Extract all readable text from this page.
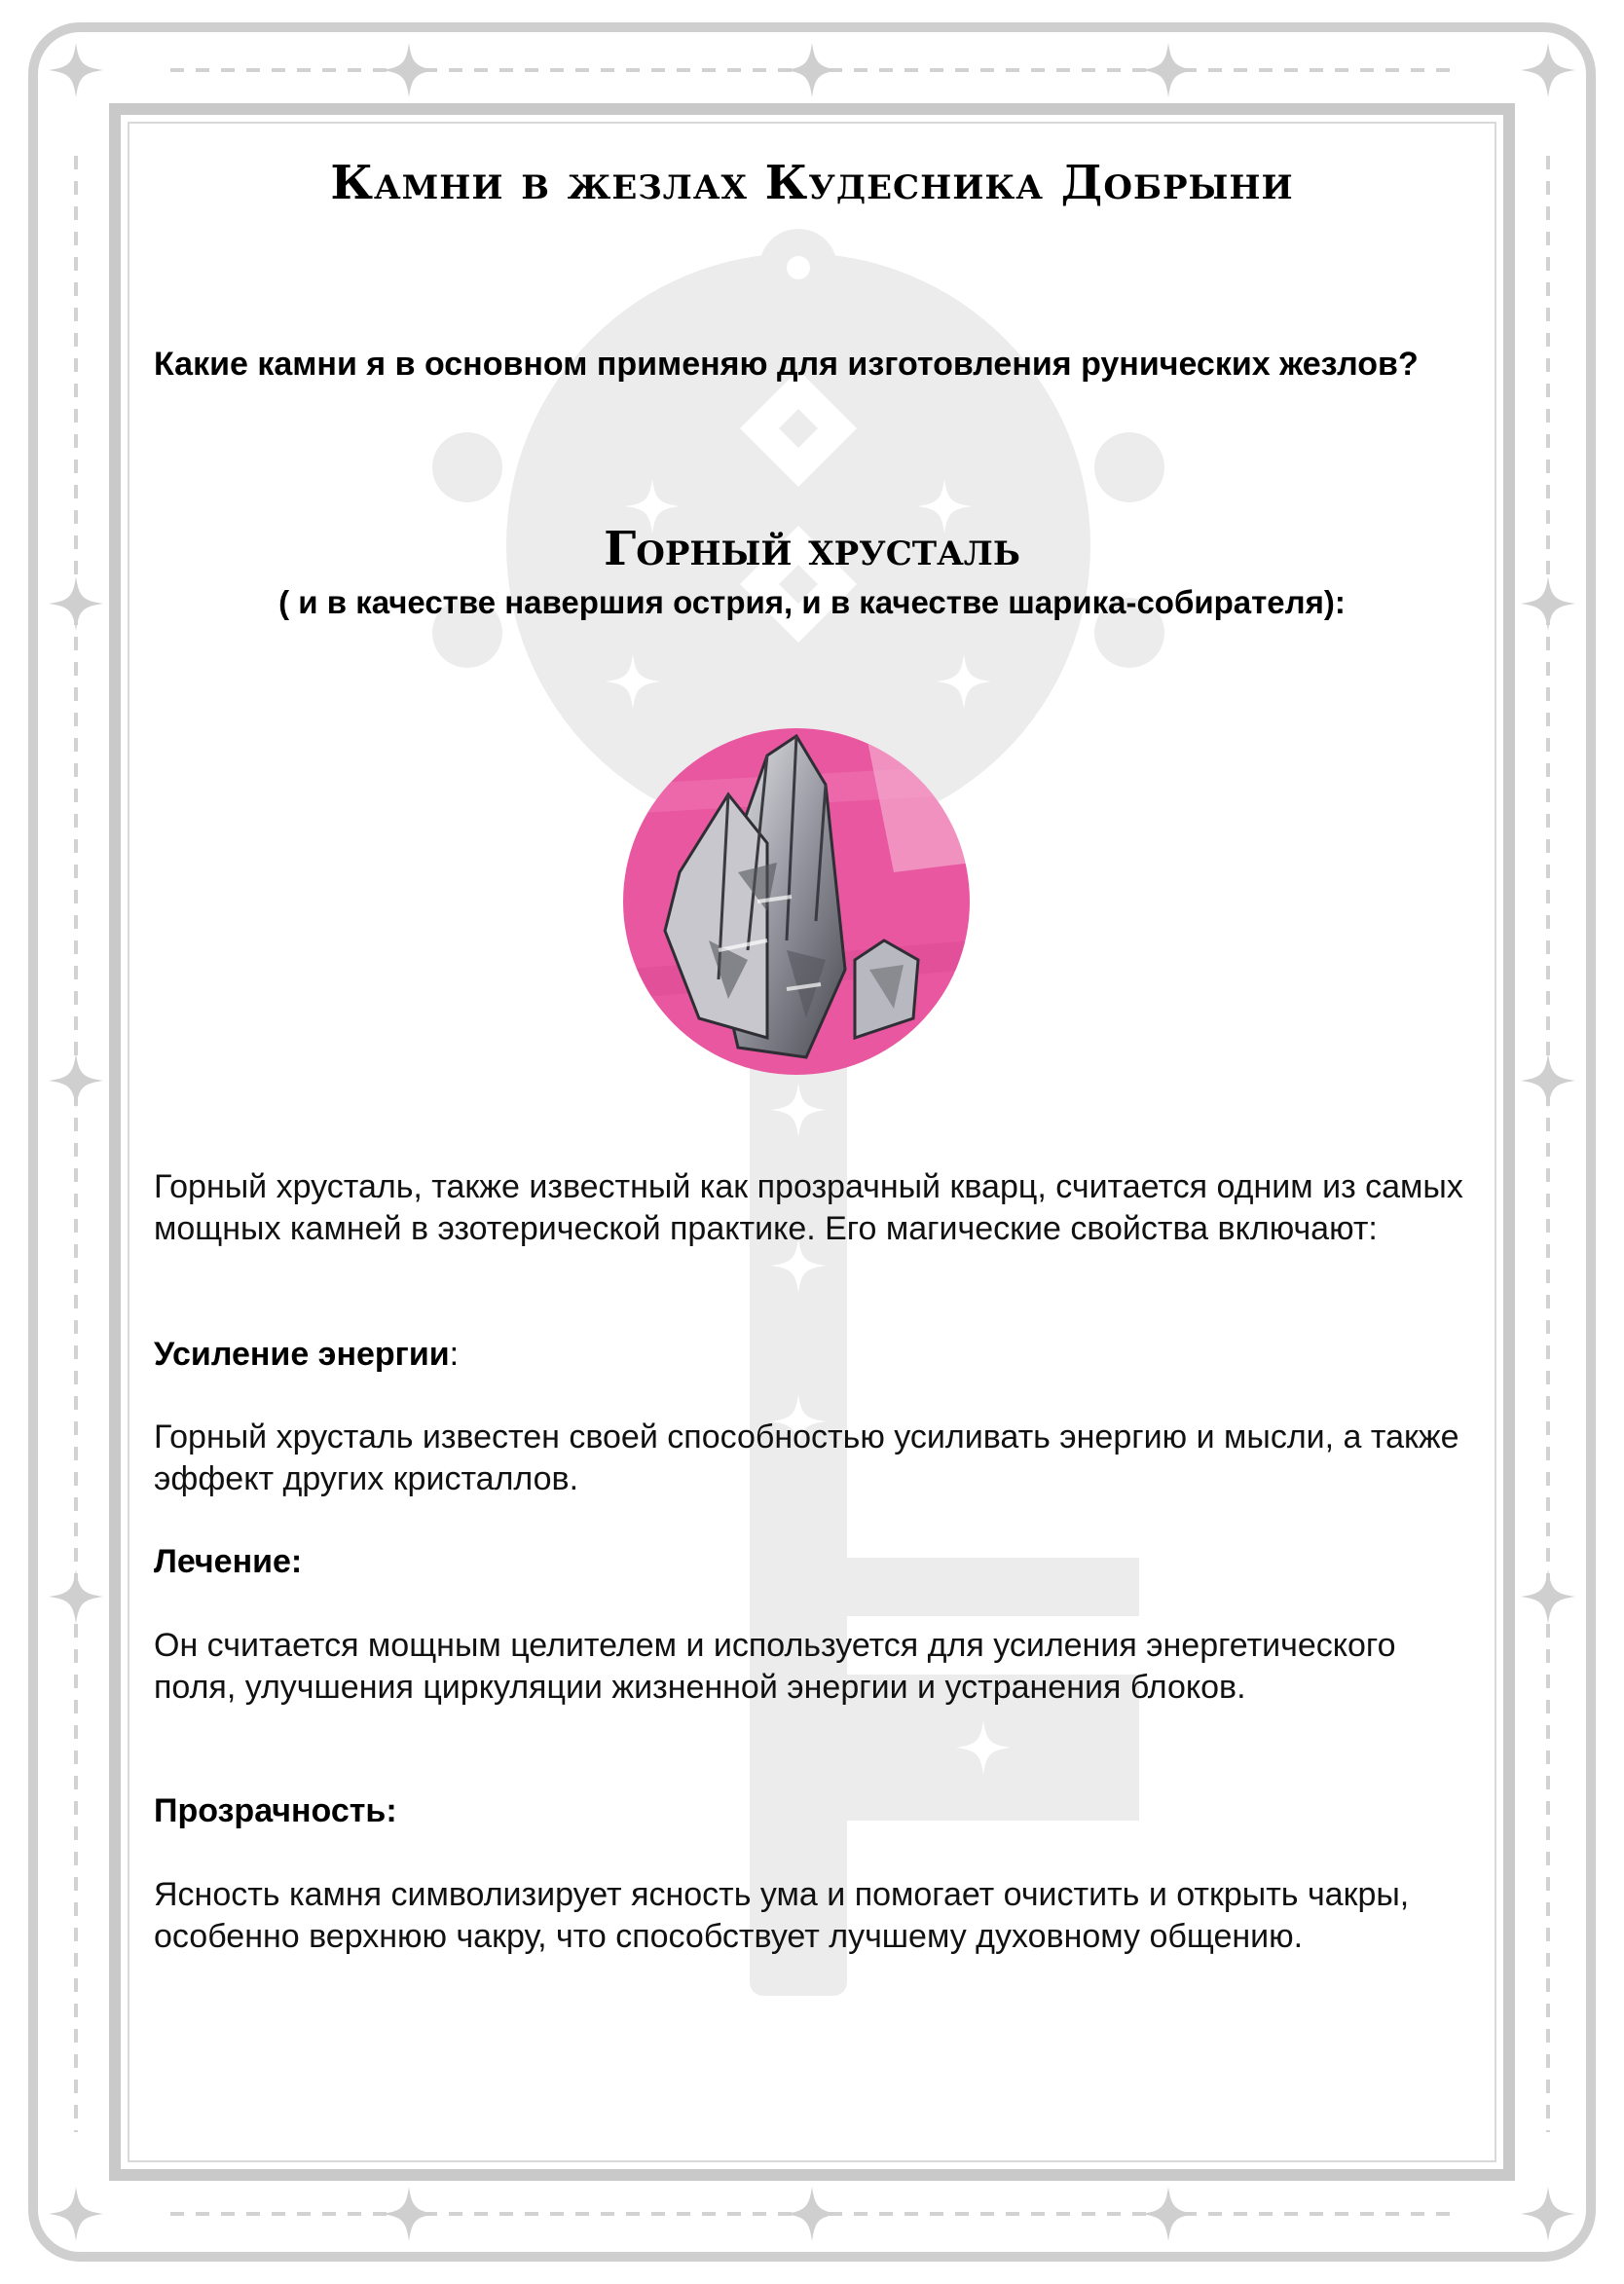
Камни в жезлах Кудесника Добрыни

Какие камни я в основном применяю для изготовления рунических жезлов?

Горный хрусталь

( и в качестве навершия острия, и в качестве шарика-собирателя):

Горный хрусталь, также известный как прозрачный кварц, считается одним из самых мощных камней в эзотерической практике. Его магические свойства включают:

Усиление энергии:

Горный хрусталь известен своей способностью усиливать энергию и мысли, а также эффект других кристаллов.

Лечение:

Он считается мощным целителем и используется для усиления энергетического поля, улучшения циркуляции жизненной энергии и устранения блоков.

Прозрачность:

Ясность камня символизирует ясность ума и помогает очистить и открыть чакры, особенно верхнюю чакру, что способствует лучшему духовному общению.
